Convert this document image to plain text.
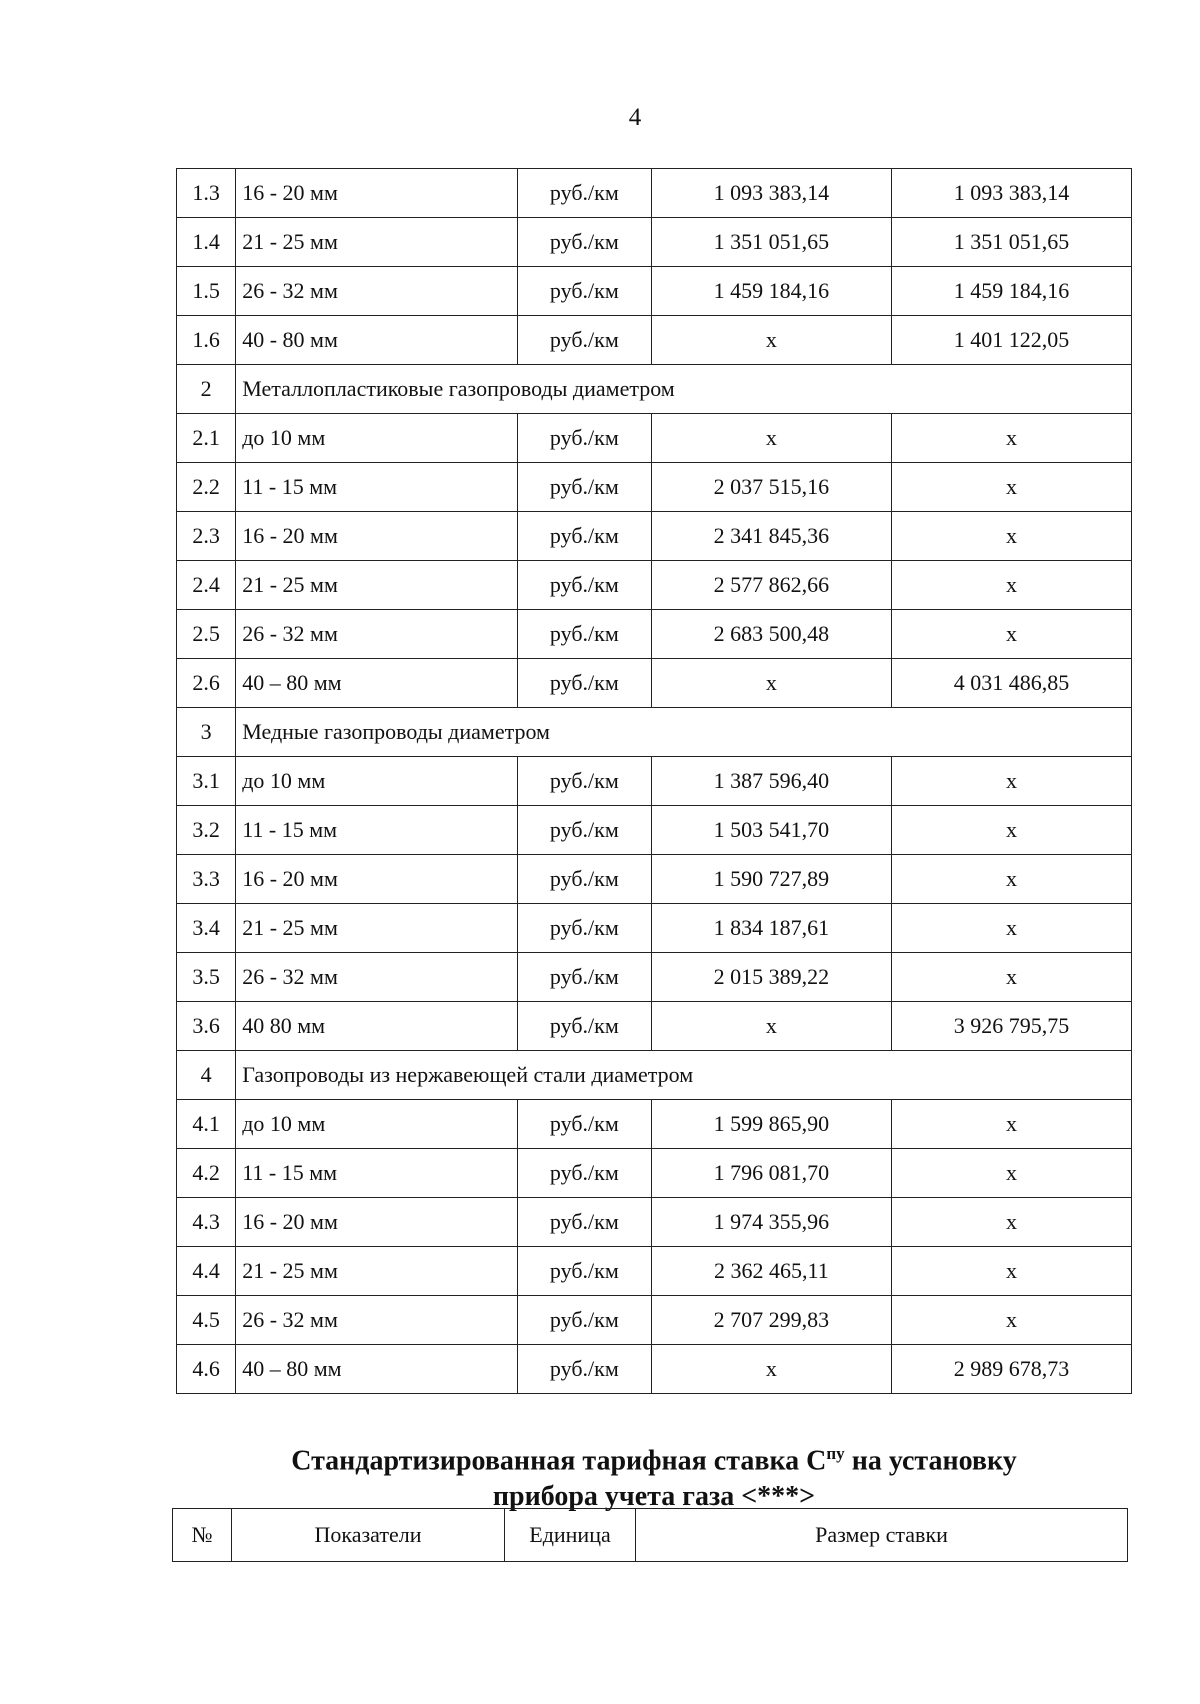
4
1.3	16 - 20 мм	руб./км	1 093 383,14	1 093 383,14
1.4	21 - 25 мм	руб./км	1 351 051,65	1 351 051,65
1.5	26 - 32 мм	руб./км	1 459 184,16	1 459 184,16
1.6	40 - 80 мм	руб./км	x	1 401 122,05
2	Металлопластиковые газопроводы диаметром			
2.1	до 10 мм	руб./км	x	x
2.2	11 - 15 мм	руб./км	2 037 515,16	x
2.3	16 - 20 мм	руб./км	2 341 845,36	x
2.4	21 - 25 мм	руб./км	2 577 862,66	x
2.5	26 - 32 мм	руб./км	2 683 500,48	x
2.6	40 – 80 мм	руб./км	x	4 031 486,85
3	Медные газопроводы диаметром			
3.1	до 10 мм	руб./км	1 387 596,40	x
3.2	11 - 15 мм	руб./км	1 503 541,70	x
3.3	16 - 20 мм	руб./км	1 590 727,89	x
3.4	21 - 25 мм	руб./км	1 834 187,61	x
3.5	26 - 32 мм	руб./км	2 015 389,22	x
3.6	40 80 мм	руб./км	x	3 926 795,75
4	Газопроводы из нержавеющей стали диаметром			
4.1	до 10 мм	руб./км	1 599 865,90	x
4.2	11 - 15 мм	руб./км	1 796 081,70	x
4.3	16 - 20 мм	руб./км	1 974 355,96	x
4.4	21 - 25 мм	руб./км	2 362 465,11	x
4.5	26 - 32 мм	руб./км	2 707 299,83	x
4.6	40 – 80 мм	руб./км	x	2 989 678,73
Стандартизированная тарифная ставка $С^{пу}$ на установку
прибора учета газа <***>
№	Показатели	Единица	Размер ставки
